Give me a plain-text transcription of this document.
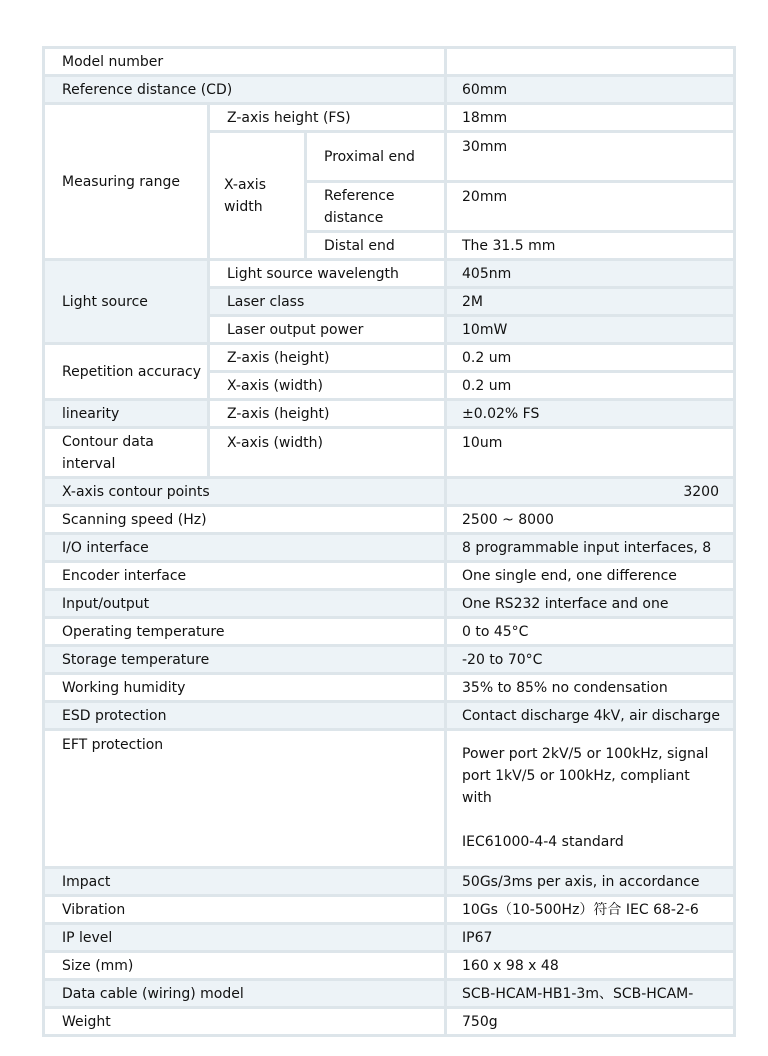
Model number			
Reference distance (CD)			60mm
Measuring range	Z-axis height (FS)		18mm
	X-axis width	Proximal end	30mm
		Reference distance	20mm
		Distal end	The 31.5 mm

Light source	Light source wavelength		405nm
	Laser class		2M
	Laser output power		10mW
Repetition accuracy	Z-axis (height)		0.2 um
	X-axis (width)		0.2 um
linearity	Z-axis (height)		±0.02% FS
Contour data interval	X-axis (width)		10um
X-axis contour points			3200
Scanning speed (Hz)			2500 ~ 8000
I/O interface			8 programmable input interfaces, 8
Encoder interface			One single end, one difference
Input/output			One RS232 interface and one
Operating temperature			0 to 45°C
Storage temperature			-20 to 70°C
Working humidity			35% to 85% no condensation
ESD protection			Contact discharge 4kV, air discharge
EFT protection			Power port 2kV/5 or 100kHz, signal
port 1kV/5 or 100kHz, compliant
with
IEC61000-4-4 standard

Impact			50Gs/3ms per axis, in accordance
Vibration			10Gs（10-500Hz）符合 IEC 68-2-6
IP level			IP67
Size (mm)			160 x 98 x 48
Data cable (wiring) model			SCB-HCAM-HB1-3m、SCB-HCAM-
Weight			750g
